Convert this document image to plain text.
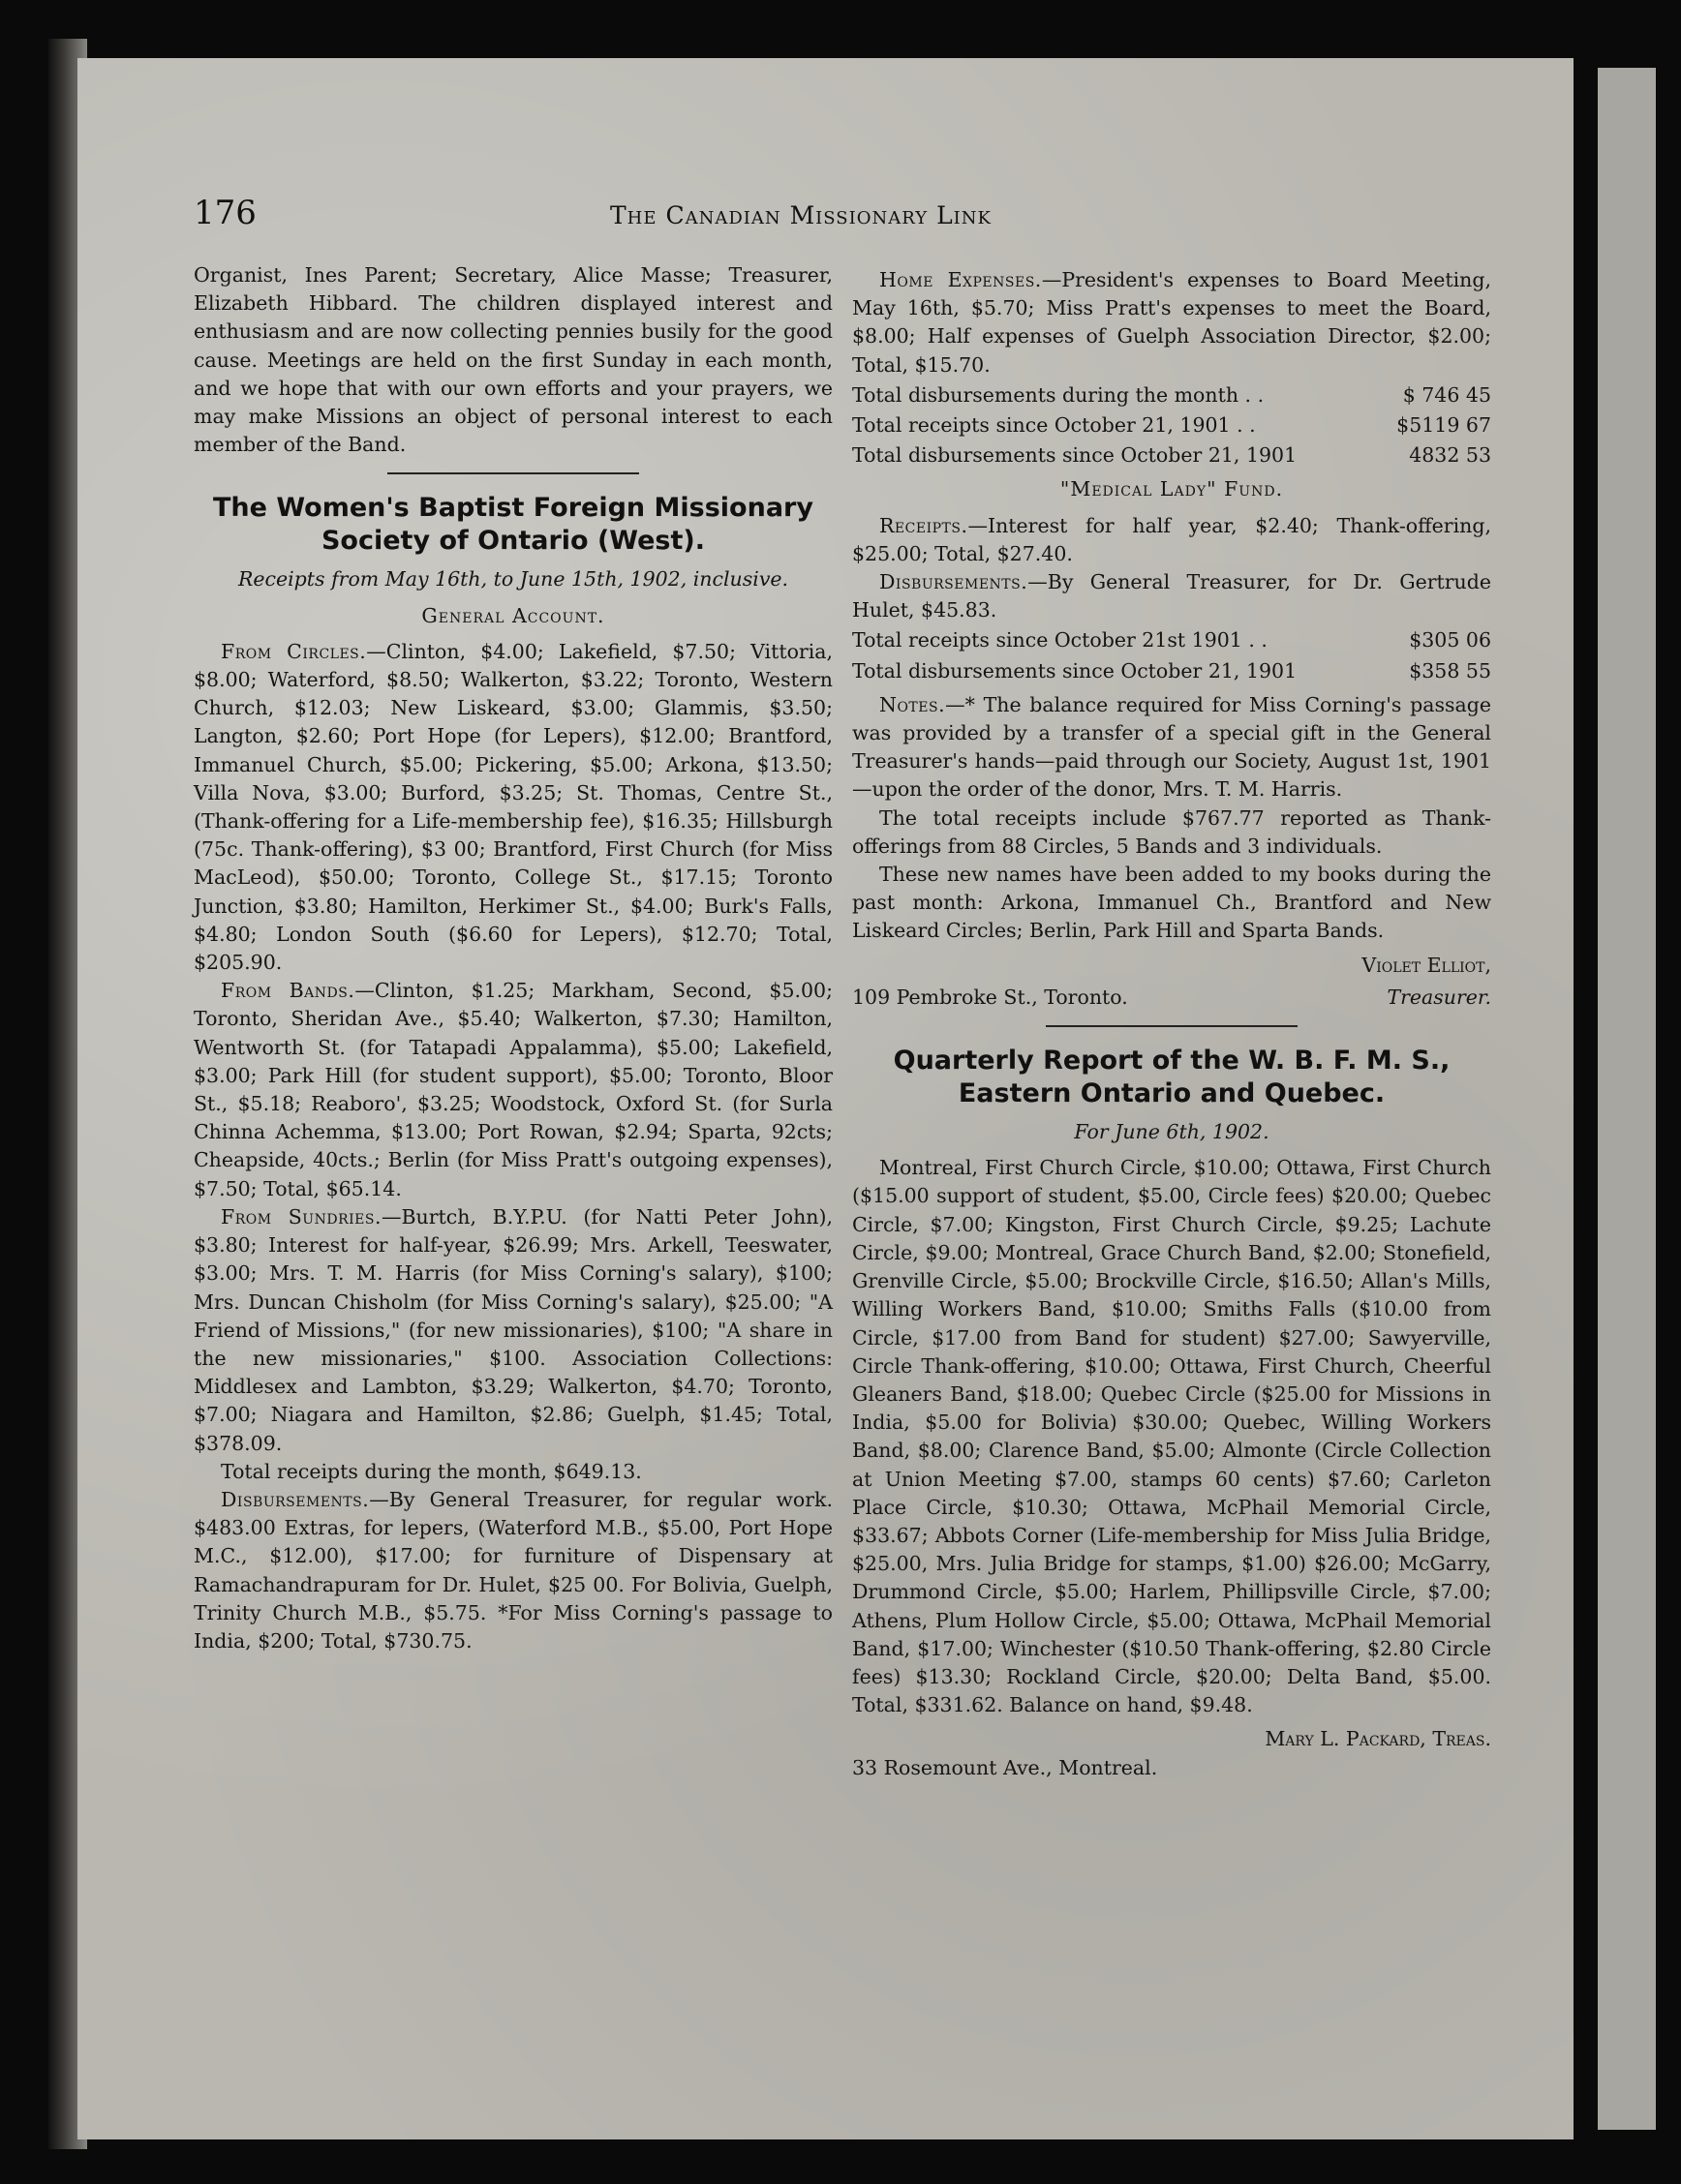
176	The Canadian Missionary Link

Organist, Ines Parent; Secretary, Alice Masse; Treasurer, Elizabeth Hibbard. The children displayed interest and enthusiasm and are now collecting pennies busily for the good cause. Meetings are held on the first Sunday in each month, and we hope that with our own efforts and your prayers, we may make Missions an object of personal interest to each member of the Band.

The Women's Baptist Foreign Missionary Society of Ontario (West).
Receipts from May 16th, to June 15th, 1902, inclusive.
General Account.

From Circles.—Clinton, $4.00; Lakefield, $7.50; Vittoria, $8.00; Waterford, $8.50; Walkerton, $3.22; Toronto, Western Church, $12.03; New Liskeard, $3.00; Glammis, $3.50; Langton, $2.60; Port Hope (for Lepers), $12.00; Brantford, Immanuel Church, $5.00; Pickering, $5.00; Arkona, $13.50; Villa Nova, $3.00; Burford, $3.25; St. Thomas, Centre St., (Thank-offering for a Life-membership fee), $16.35; Hillsburgh (75c. Thank-offering), $3 00; Brantford, First Church (for Miss MacLeod), $50.00; Toronto, College St., $17.15; Toronto Junction, $3.80; Hamilton, Herkimer St., $4.00; Burk's Falls, $4.80; London South ($6.60 for Lepers), $12.70; Total, $205.90.

From Bands.—Clinton, $1.25; Markham, Second, $5.00; Toronto, Sheridan Ave., $5.40; Walkerton, $7.30; Hamilton, Wentworth St. (for Tatapadi Appalamma), $5.00; Lakefield, $3.00; Park Hill (for student support), $5.00; Toronto, Bloor St., $5.18; Reaboro', $3.25; Woodstock, Oxford St. (for Surla Chinna Achemma, $13.00; Port Rowan, $2.94; Sparta, 92cts; Cheapside, 40cts.; Berlin (for Miss Pratt's outgoing expenses), $7.50; Total, $65.14.

From Sundries.—Burtch, B.Y.P.U. (for Natti Peter John), $3.80; Interest for half-year, $26.99; Mrs. Arkell, Teeswater, $3.00; Mrs. T. M. Harris (for Miss Corning's salary), $100; Mrs. Duncan Chisholm (for Miss Corning's salary), $25.00; "A Friend of Missions," (for new missionaries), $100; "A share in the new missionaries," $100. Association Collections: Middlesex and Lambton, $3.29; Walkerton, $4.70; Toronto, $7.00; Niagara and Hamilton, $2.86; Guelph, $1.45; Total, $378.09.

Total receipts during the month, $649.13.

Disbursements.—By General Treasurer, for regular work. $483.00 Extras, for lepers, (Waterford M.B., $5.00, Port Hope M.C., $12.00), $17.00; for furniture of Dispensary at Ramachandrapuram for Dr. Hulet, $25 00. For Bolivia, Guelph, Trinity Church M.B., $5.75. *For Miss Corning's passage to India, $200; Total, $730.75.

Home Expenses.—President's expenses to Board Meeting, May 16th, $5.70; Miss Pratt's expenses to meet the Board, $8.00; Half expenses of Guelph Association Director, $2.00; Total, $15.70.

Total disbursements during the month . .	$ 746 45
Total receipts since October 21, 1901 . .	$5119 67
Total disbursements since October 21, 1901	4832 53
"Medical Lady" Fund.

Receipts.—Interest for half year, $2.40; Thank-offering, $25.00; Total, $27.40.

Disbursements.—By General Treasurer, for Dr. Gertrude Hulet, $45.83.

Total receipts since October 21st 1901 . .	$305 06
Total disbursements since October 21, 1901	$358 55

Notes.—* The balance required for Miss Corning's passage was provided by a transfer of a special gift in the General Treasurer's hands—paid through our Society, August 1st, 1901—upon the order of the donor, Mrs. T. M. Harris.

The total receipts include $767.77 reported as Thank-offerings from 88 Circles, 5 Bands and 3 individuals.

These new names have been added to my books during the past month: Arkona, Immanuel Ch., Brantford and New Liskeard Circles; Berlin, Park Hill and Sparta Bands.

Violet Elliot,
109 Pembroke St., Toronto.	Treasurer.
Quarterly Report of the W. B. F. M. S., Eastern Ontario and Quebec.
For June 6th, 1902.

Montreal, First Church Circle, $10.00; Ottawa, First Church ($15.00 support of student, $5.00, Circle fees) $20.00; Quebec Circle, $7.00; Kingston, First Church Circle, $9.25; Lachute Circle, $9.00; Montreal, Grace Church Band, $2.00; Stonefield, Grenville Circle, $5.00; Brockville Circle, $16.50; Allan's Mills, Willing Workers Band, $10.00; Smiths Falls ($10.00 from Circle, $17.00 from Band for student) $27.00; Sawyerville, Circle Thank-offering, $10.00; Ottawa, First Church, Cheerful Gleaners Band, $18.00; Quebec Circle ($25.00 for Missions in India, $5.00 for Bolivia) $30.00; Quebec, Willing Workers Band, $8.00; Clarence Band, $5.00; Almonte (Circle Collection at Union Meeting $7.00, stamps 60 cents) $7.60; Carleton Place Circle, $10.30; Ottawa, McPhail Memorial Circle, $33.67; Abbots Corner (Life-membership for Miss Julia Bridge, $25.00, Mrs. Julia Bridge for stamps, $1.00) $26.00; McGarry, Drummond Circle, $5.00; Harlem, Phillipsville Circle, $7.00; Athens, Plum Hollow Circle, $5.00; Ottawa, McPhail Memorial Band, $17.00; Winchester ($10.50 Thank-offering, $2.80 Circle fees) $13.30; Rockland Circle, $20.00; Delta Band, $5.00. Total, $331.62. Balance on hand, $9.48.

Mary L. Packard, Treas.

33 Rosemount Ave., Montreal.
